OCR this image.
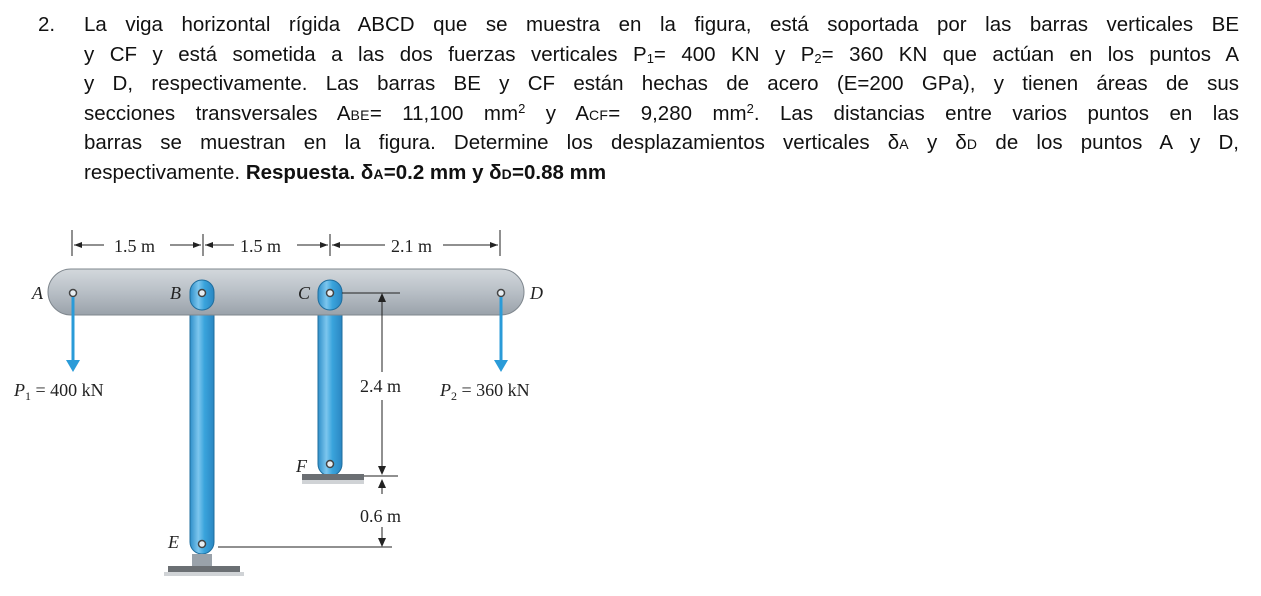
2. La viga horizontal rígida ABCD que se muestra en la figura, está soportada por las barras verticales BE
y CF y está sometida a las dos fuerzas verticales $P_1= 400$ KN y $P_2= 360$ KN que actúan en los puntos A
y D, respectivamente. Las barras BE y CF están hechas de acero (E=200 GPa), y tienen áreas de sus
secciones transversales ABE= 11,100 $mm^2$ y ACF= 9,280 $mm^2$. Las distancias entre varios puntos en las
barras se muestran en la figura. Determine los desplazamientos verticales δA y δD de los puntos A y D,
respectivamente. Respuesta. δA=0.2 mm y δD=0.88 mm
1.5 m	1.5 m	2.1 m
2.4 m
0.6 m
A	B	C	D
F
E
$P_1 = 400$ kN	$P_2 = 360$ kN
